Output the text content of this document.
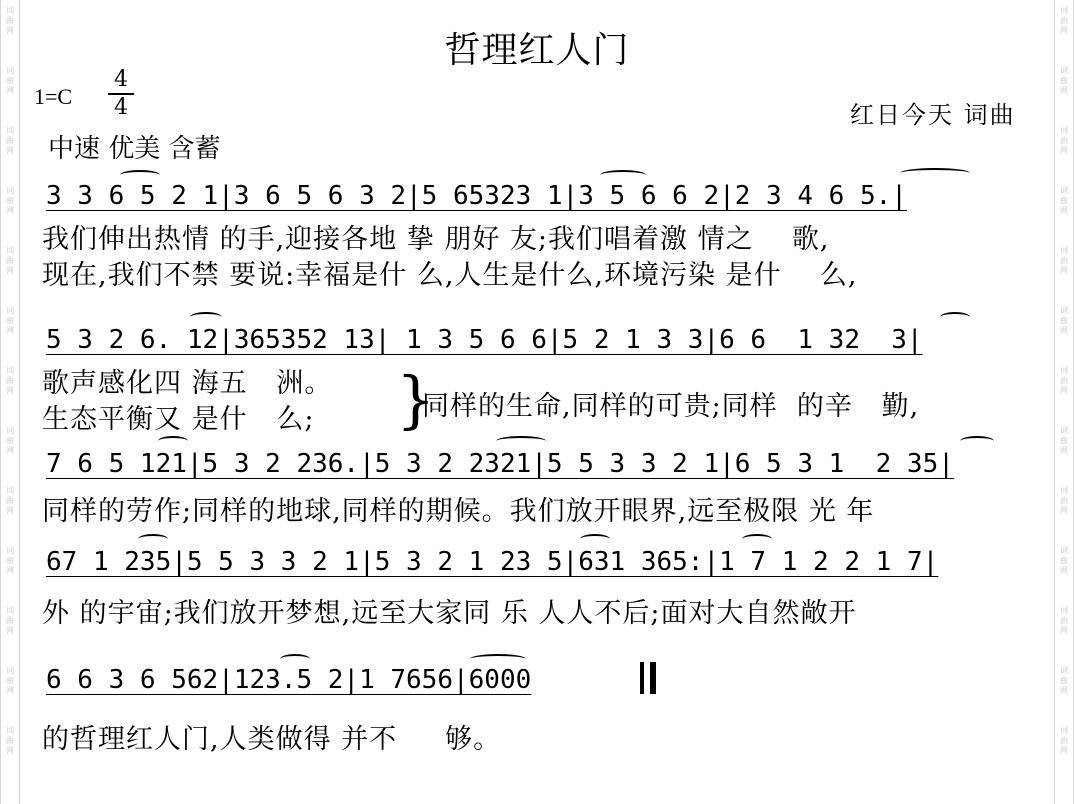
词
曲
网
词
曲
网
词
曲
网
词
曲
网
词
曲
网
词
曲
网
词
曲
网
词
曲
网
词
曲
网
词
曲
网
词
曲
网
词
曲
网
词
曲
网
词
曲
网
词
曲
网
词
曲
网
词
曲
网
词
曲
网
词
曲
网
词
曲
网
词
曲
网
词
曲
网
词
曲
网
词
曲
网
词
曲
网
词
曲
网
哲理红人门
1=C
4
4
中速 优美 含蓄
红日今天 词曲
3 3 6 5 2 1|3 6 5 6 3 2|5 65323 1|3 5 6 6 2|2 3 4 6 5.|
我们伸出热情 的手,迎接各地 挚 朋好 友;我们唱着激 情之    歌,
现在,我们不禁 要说:幸福是什 么,人生是什么,环境污染 是什    么,
5 3 2 6. 12|365352 13| 1 3 5 6 6|5 2 1 3 3|6 6  1 32  3|
歌声感化四 海五   洲。
生态平衡又 是什   么;	}
同样的生命,同样的可贵;同样  的辛   勤,
7 6 5 121|5 3 2 236.|5 3 2 2321|5 5 3 3 2 1|6 5 3 1  2 35|
同样的劳作;同样的地球,同样的期候。我们放开眼界,远至极限 光 年
67 1 235|5 5 3 3 2 1|5 3 2 1 23 5|631 365:|1 7 1 2 2 1 7|
外 的宇宙;我们放开梦想,远至大家同 乐 人人不后;面对大自然敞开
6 6 3 6 562|123.5 2|1 7656|6000
的哲理红人门,人类做得 并不     够。
